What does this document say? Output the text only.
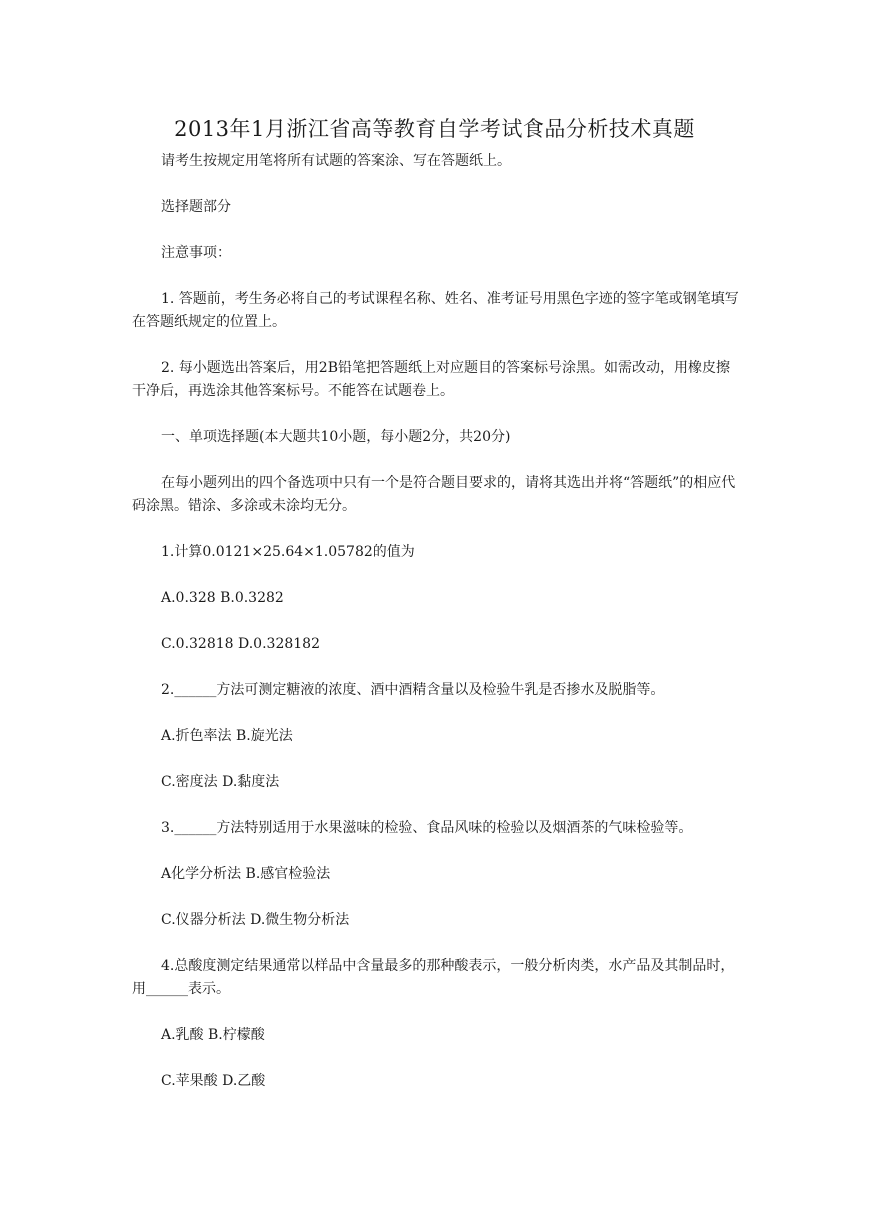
2013年1月浙江省高等教育自学考试食品分析技术真题

请考生按规定用笔将所有试题的答案涂、写在答题纸上。

选择题部分

注意事项：

1. 答题前，考生务必将自己的考试课程名称、姓名、准考证号用黑色字迹的签字笔或钢笔填写在答题纸规定的位置上。

2. 每小题选出答案后，用2B铅笔把答题纸上对应题目的答案标号涂黑。如需改动，用橡皮擦干净后，再选涂其他答案标号。不能答在试题卷上。

一、单项选择题(本大题共10小题，每小题2分，共20分)

在每小题列出的四个备选项中只有一个是符合题目要求的，请将其选出并将“答题纸”的相应代码涂黑。错涂、多涂或未涂均无分。

1.计算0.0121×25.64×1.05782的值为

A.0.328 B.0.3282

C.0.32818 D.0.328182

2.______方法可测定糖液的浓度、酒中酒精含量以及检验牛乳是否掺水及脱脂等。

A.折色率法 B.旋光法

C.密度法 D.黏度法

3.______方法特别适用于水果滋味的检验、食品风味的检验以及烟酒茶的气味检验等。

A化学分析法 B.感官检验法

C.仪器分析法 D.微生物分析法

4.总酸度测定结果通常以样品中含量最多的那种酸表示，一般分析肉类，水产品及其制品时，用______表示。

A.乳酸 B.柠檬酸

C.苹果酸 D.乙酸
